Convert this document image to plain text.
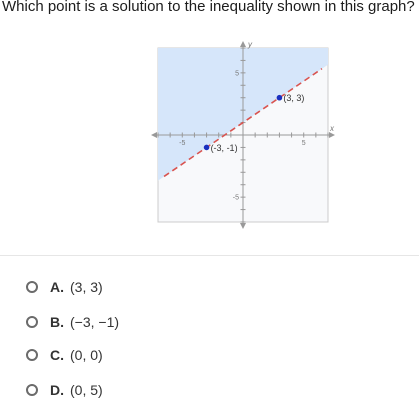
Which point is a solution to the inequality shown in this graph?
x
y
-5	5
5
-5
(3, 3)
(-3, -1)
A. (3, 3)
B. (−3, −1)
C. (0, 0)
D. (0, 5)
